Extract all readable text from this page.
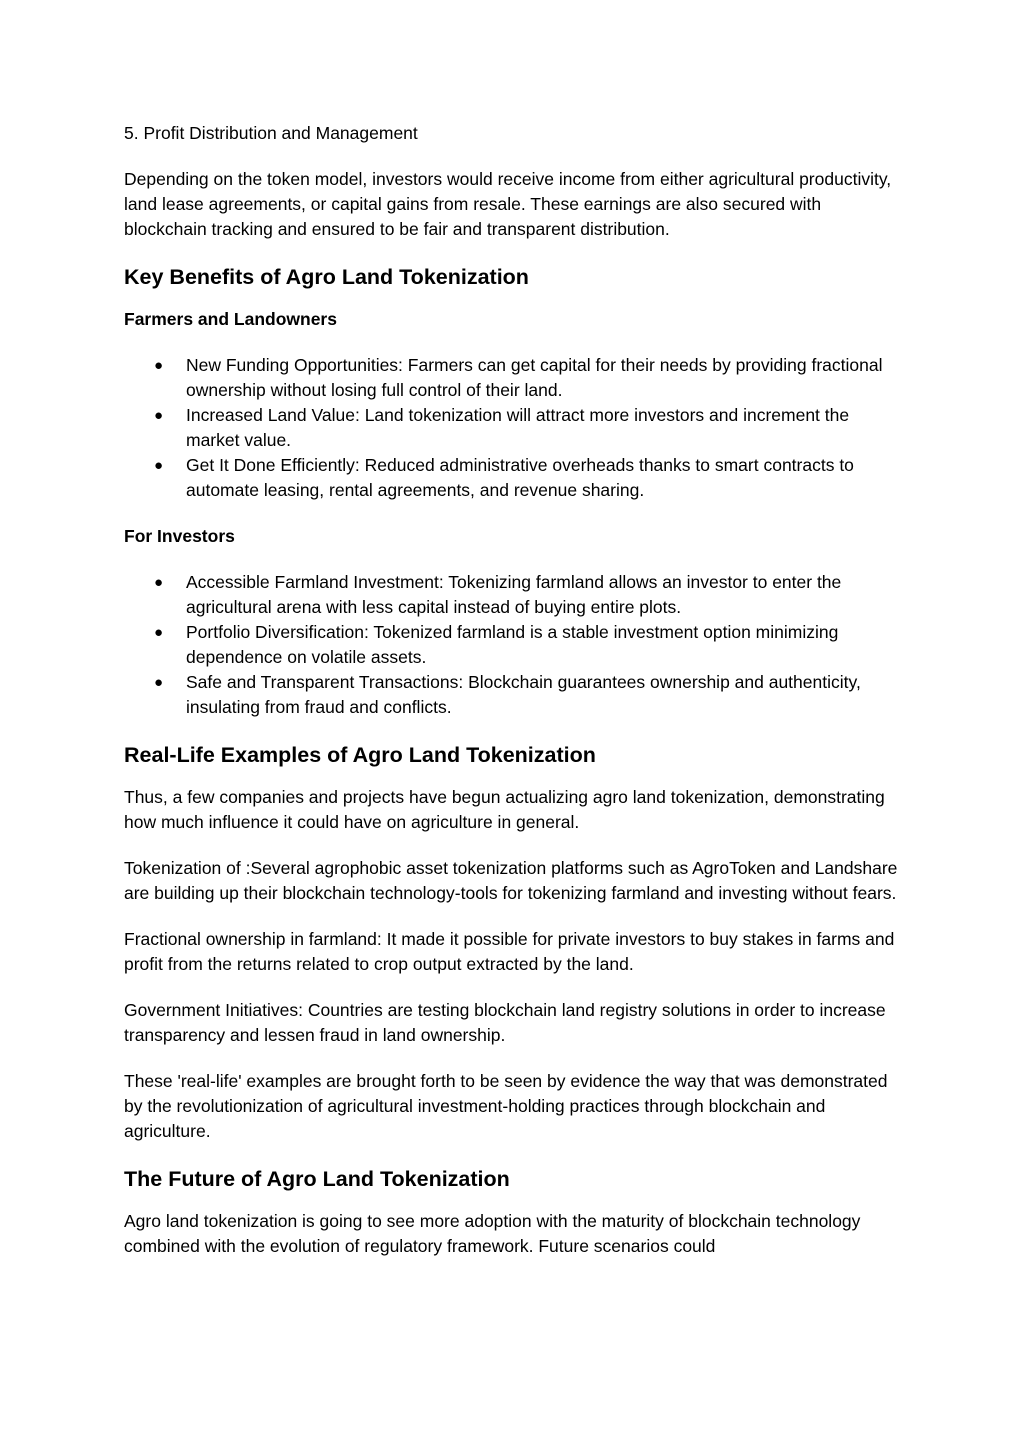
5. Profit Distribution and Management

Depending on the token model, investors would receive income from either agricultural productivity, land lease agreements, or capital gains from resale. These earnings are also secured with blockchain tracking and ensured to be fair and transparent distribution.

Key Benefits of Agro Land Tokenization
Farmers and Landowners
● New Funding Opportunities: Farmers can get capital for their needs by providing fractional ownership without losing full control of their land.
● Increased Land Value: Land tokenization will attract more investors and increment the market value.
● Get It Done Efficiently: Reduced administrative overheads thanks to smart contracts to automate leasing, rental agreements, and revenue sharing.
For Investors
● Accessible Farmland Investment: Tokenizing farmland allows an investor to enter the agricultural arena with less capital instead of buying entire plots.
● Portfolio Diversification: Tokenized farmland is a stable investment option minimizing dependence on volatile assets.
● Safe and Transparent Transactions: Blockchain guarantees ownership and authenticity, insulating from fraud and conflicts.
Real-Life Examples of Agro Land Tokenization

Thus, a few companies and projects have begun actualizing agro land tokenization, demonstrating how much influence it could have on agriculture in general.

Tokenization of :Several agrophobic asset tokenization platforms such as AgroToken and Landshare are building up their blockchain technology-tools for tokenizing farmland and investing without fears.

Fractional ownership in farmland: It made it possible for private investors to buy stakes in farms and profit from the returns related to crop output extracted by the land.

Government Initiatives: Countries are testing blockchain land registry solutions in order to increase transparency and lessen fraud in land ownership.

These 'real-life' examples are brought forth to be seen by evidence the way that was demonstrated by the revolutionization of agricultural investment-holding practices through blockchain and agriculture.

The Future of Agro Land Tokenization

Agro land tokenization is going to see more adoption with the maturity of blockchain technology combined with the evolution of regulatory framework. Future scenarios could
